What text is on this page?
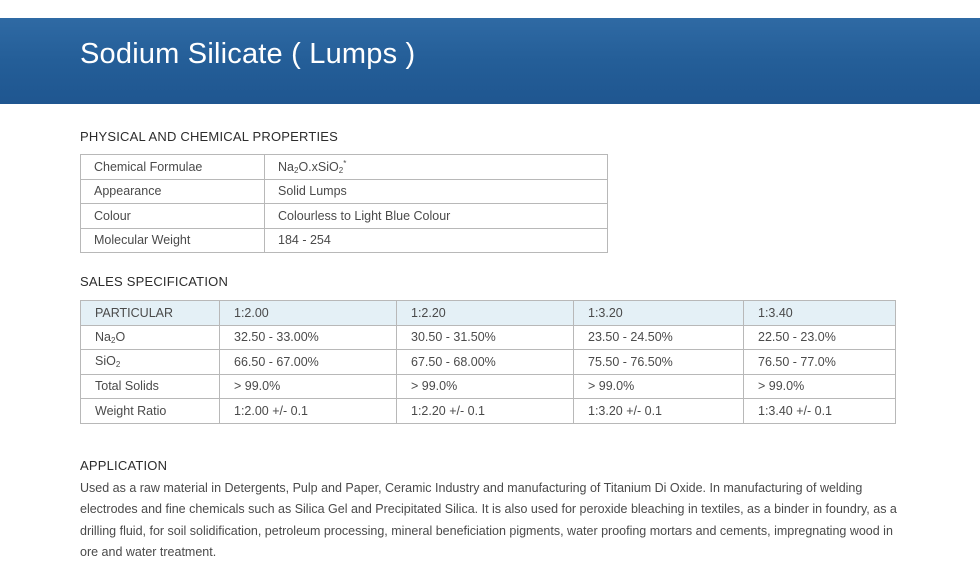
Sodium Silicate ( Lumps )
PHYSICAL AND CHEMICAL PROPERTIES
Chemical Formulae	$Na_2O.xSiO_2^*$
Appearance	Solid Lumps
Colour	Colourless to Light Blue Colour
Molecular Weight	184 - 254
SALES SPECIFICATION
PARTICULAR	1:2.00	1:2.20	1:3.20	1:3.40
$Na_2O$	32.50 - 33.00%	30.50 - 31.50%	23.50 - 24.50%	22.50 - 23.0%
SiO$_2$	66.50 - 67.00%	67.50 - 68.00%	75.50 - 76.50%	76.50 - 77.0%
Total Solids	> 99.0%	> 99.0%	> 99.0%	> 99.0%
Weight Ratio	1:2.00 +/- 0.1	1:2.20 +/- 0.1	1:3.20 +/- 0.1	1:3.40 +/- 0.1
APPLICATION

Used as a raw material in Detergents, Pulp and Paper, Ceramic Industry and manufacturing of Titanium Di Oxide. In manufacturing of welding electrodes and fine chemicals such as Silica Gel and Precipitated Silica. It is also used for peroxide bleaching in textiles, as a binder in foundry, as a drilling fluid, for soil solidification, petroleum processing, mineral beneficiation pigments, water proofing mortars and cements, impregnating wood in ore and water treatment.
